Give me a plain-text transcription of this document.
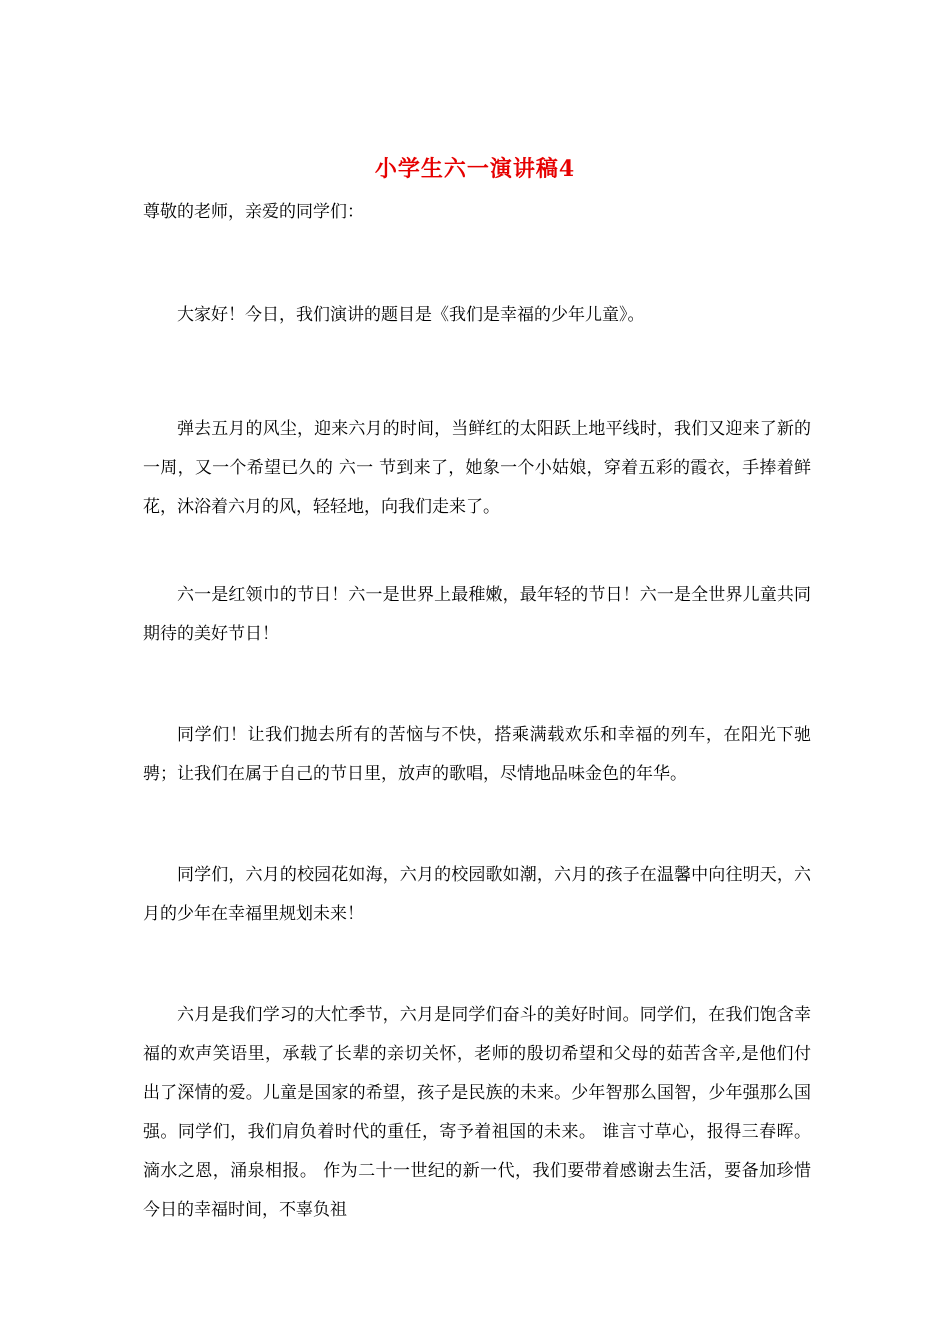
小学生六一演讲稿4
尊敬的老师，亲爱的同学们：

大家好！今日，我们演讲的题目是《我们是幸福的少年儿童》。

弹去五月的风尘，迎来六月的时间，当鲜红的太阳跃上地平线时，我们又迎来了新的一周，又一个希望已久的 六一 节到来了，她象一个小姑娘，穿着五彩的霞衣，手捧着鲜花，沐浴着六月的风，轻轻地，向我们走来了。

六一是红领巾的节日！六一是世界上最稚嫩，最年轻的节日！六一是全世界儿童共同期待的美好节日！

同学们！让我们抛去所有的苦恼与不快，搭乘满载欢乐和幸福的列车，在阳光下驰骋；让我们在属于自己的节日里，放声的歌唱，尽情地品味金色的年华。

同学们，六月的校园花如海，六月的校园歌如潮，六月的孩子在温馨中向往明天，六月的少年在幸福里规划未来！

六月是我们学习的大忙季节，六月是同学们奋斗的美好时间。同学们，在我们饱含幸福的欢声笑语里，承载了长辈的亲切关怀，老师的殷切希望和父母的茹苦含辛,是他们付出了深情的爱。儿童是国家的希望，孩子是民族的未来。少年智那么国智，少年强那么国强。同学们，我们肩负着时代的重任，寄予着祖国的未来。 谁言寸草心，报得三春晖。 滴水之恩，涌泉相报。 作为二十一世纪的新一代，我们要带着感谢去生活，要备加珍惜今日的幸福时间，不辜负祖
